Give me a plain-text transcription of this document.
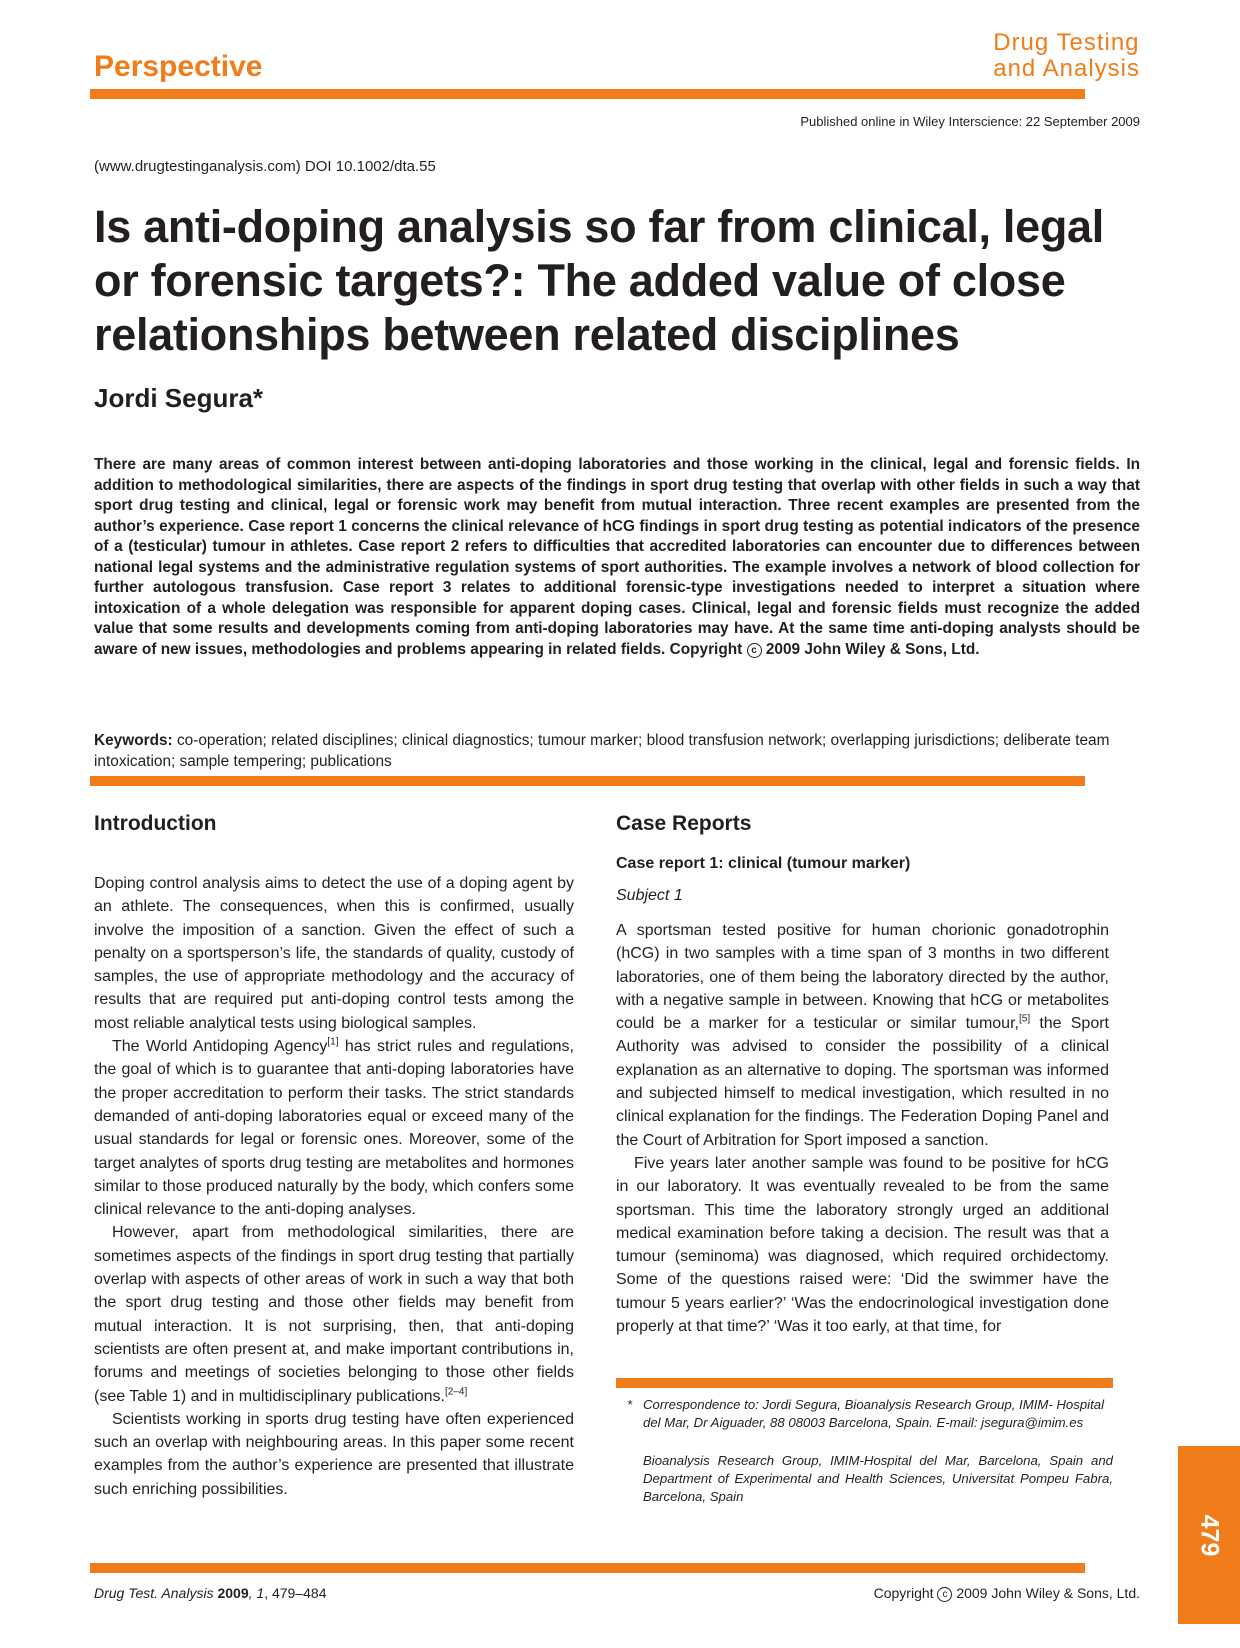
Perspective
Drug Testing
and Analysis
Published online in Wiley Interscience: 22 September 2009
(www.drugtestinganalysis.com) DOI 10.1002/dta.55
Is anti-doping analysis so far from clinical, legal
or forensic targets?: The added value of close
relationships between related disciplines
Jordi Segura*
There are many areas of common interest between anti-doping laboratories and those working in the clinical, legal and forensic fields. In addition to methodological similarities, there are aspects of the findings in sport drug testing that overlap with other fields in such a way that sport drug testing and clinical, legal or forensic work may benefit from mutual interaction. Three recent examples are presented from the author’s experience. Case report 1 concerns the clinical relevance of hCG findings in sport drug testing as potential indicators of the presence of a (testicular) tumour in athletes. Case report 2 refers to difficulties that accredited laboratories can encounter due to differences between national legal systems and the administrative regulation systems of sport authorities. The example involves a network of blood collection for further autologous transfusion. Case report 3 relates to additional forensic-type investigations needed to interpret a situation where intoxication of a whole delegation was responsible for apparent doping cases. Clinical, legal and forensic fields must recognize the added value that some results and developments coming from anti-doping laboratories may have. At the same time anti-doping analysts should be aware of new issues, methodologies and problems appearing in related fields. Copyright c 2009 John Wiley & Sons, Ltd.
Keywords: co-operation; related disciplines; clinical diagnostics; tumour marker; blood transfusion network; overlapping jurisdictions; deliberate team intoxication; sample tempering; publications
Introduction

Doping control analysis aims to detect the use of a doping agent by an athlete. The consequences, when this is confirmed, usually involve the imposition of a sanction. Given the effect of such a penalty on a sportsperson’s life, the standards of quality, custody of samples, the use of appropriate methodology and the accuracy of results that are required put anti-doping control tests among the most reliable analytical tests using biological samples.

The World Antidoping Agency[1] has strict rules and regulations, the goal of which is to guarantee that anti-doping laboratories have the proper accreditation to perform their tasks. The strict standards demanded of anti-doping laboratories equal or exceed many of the usual standards for legal or forensic ones. Moreover, some of the target analytes of sports drug testing are metabolites and hormones similar to those produced naturally by the body, which confers some clinical relevance to the anti-doping analyses.

However, apart from methodological similarities, there are sometimes aspects of the findings in sport drug testing that partially overlap with aspects of other areas of work in such a way that both the sport drug testing and those other fields may benefit from mutual interaction. It is not surprising, then, that anti-doping scientists are often present at, and make important contributions in, forums and meetings of societies belonging to those other fields (see Table 1) and in multidisciplinary publications.[2–4]

Scientists working in sports drug testing have often experienced such an overlap with neighbouring areas. In this paper some recent examples from the author’s experience are presented that illustrate such enriching possibilities.

Case Reports
Case report 1: clinical (tumour marker)
Subject 1

A sportsman tested positive for human chorionic gonadotrophin (hCG) in two samples with a time span of 3 months in two different laboratories, one of them being the laboratory directed by the author, with a negative sample in between. Knowing that hCG or metabolites could be a marker for a testicular or similar tumour,[5] the Sport Authority was advised to consider the possibility of a clinical explanation as an alternative to doping. The sportsman was informed and subjected himself to medical investigation, which resulted in no clinical explanation for the findings. The Federation Doping Panel and the Court of Arbitration for Sport imposed a sanction.

Five years later another sample was found to be positive for hCG in our laboratory. It was eventually revealed to be from the same sportsman. This time the laboratory strongly urged an additional medical examination before taking a decision. The result was that a tumour (seminoma) was diagnosed, which required orchidectomy. Some of the questions raised were: ‘Did the swimmer have the tumour 5 years earlier?’ ‘Was the endocrinological investigation done properly at that time?’ ‘Was it too early, at that time, for

* Correspondence to: Jordi Segura, Bioanalysis Research Group, IMIM- Hospital del Mar, Dr Aiguader, 88 08003 Barcelona, Spain. E-mail: jsegura@imim.es
Bioanalysis Research Group, IMIM-Hospital del Mar, Barcelona, Spain and Department of Experimental and Health Sciences, Universitat Pompeu Fabra, Barcelona, Spain
Drug Test. Analysis 2009, 1, 479–484	Copyright c 2009 John Wiley & Sons, Ltd.
479
